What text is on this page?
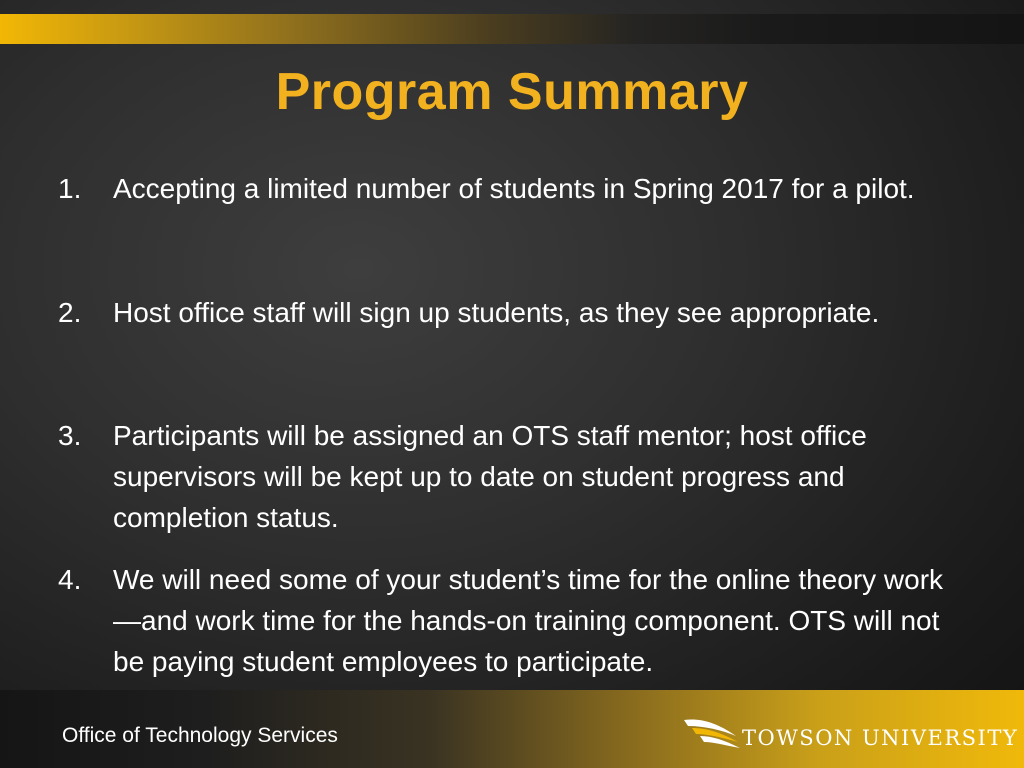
Program Summary
1.	Accepting a limited number of students in Spring 2017 for a pilot.
2.	Host office staff will sign up students, as they see appropriate.
3.	Participants will be assigned an OTS staff mentor; host office supervisors will be kept up to date on student progress and completion status.
4.	We will need some of your student’s time for the online theory work—and work time for the hands-on training component. OTS will not be paying student employees to participate.
Office of Technology Services	TOWSON UNIVERSITY
